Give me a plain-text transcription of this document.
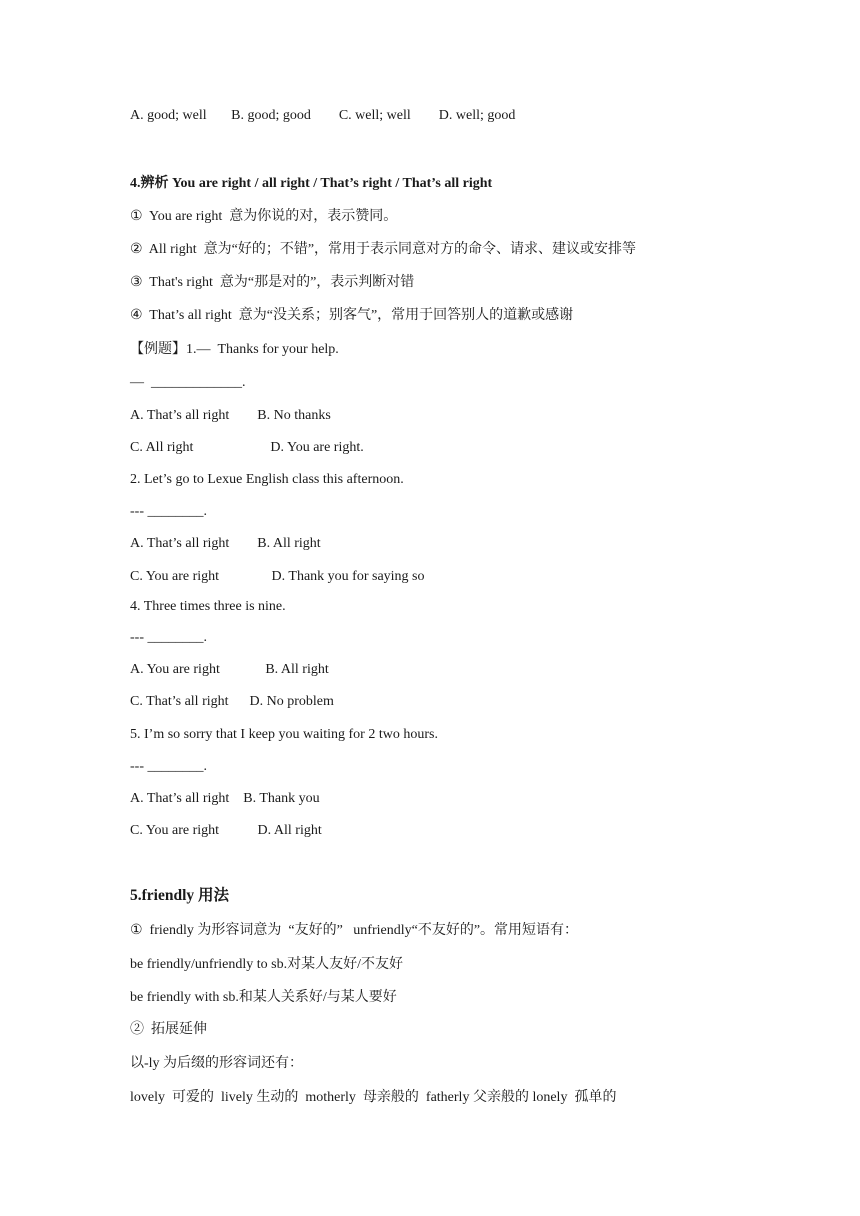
A. good; well       B. good; good        C. well; well        D. well; good
4.辨析 You are right / all right / That’s right / That’s all right
①  You are right  意为你说的对，表示赞同。
②  All right  意为“好的；不错”，常用于表示同意对方的命令、请求、建议或安排等
③  That's right  意为“那是对的”，表示判断对错
④  That’s all right  意为“没关系；别客气”，常用于回答别人的道歉或感谢
【例题】1.—  Thanks for your help.
—  _____________.
A. That’s all right        B. No thanks
C. All right                      D. You are right.
2. Let’s go to Lexue English class this afternoon.
--- ________.
A. That’s all right        B. All right
C. You are right               D. Thank you for saying so
4. Three times three is nine.
--- ________.
A. You are right             B. All right
C. That’s all right      D. No problem
5. I’m so sorry that I keep you waiting for 2 two hours.
--- ________.
A. That’s all right    B. Thank you
C. You are right           D. All right
5.friendly 用法
①  friendly 为形容词意为  “友好的”   unfriendly“不友好的”。常用短语有：
be friendly/unfriendly to sb.对某人友好/不友好
be friendly with sb.和某人关系好/与某人要好
②  拓展延伸
以-ly 为后缀的形容词还有：
lovely  可爱的  lively 生动的  motherly  母亲般的  fatherly 父亲般的 lonely  孤单的
